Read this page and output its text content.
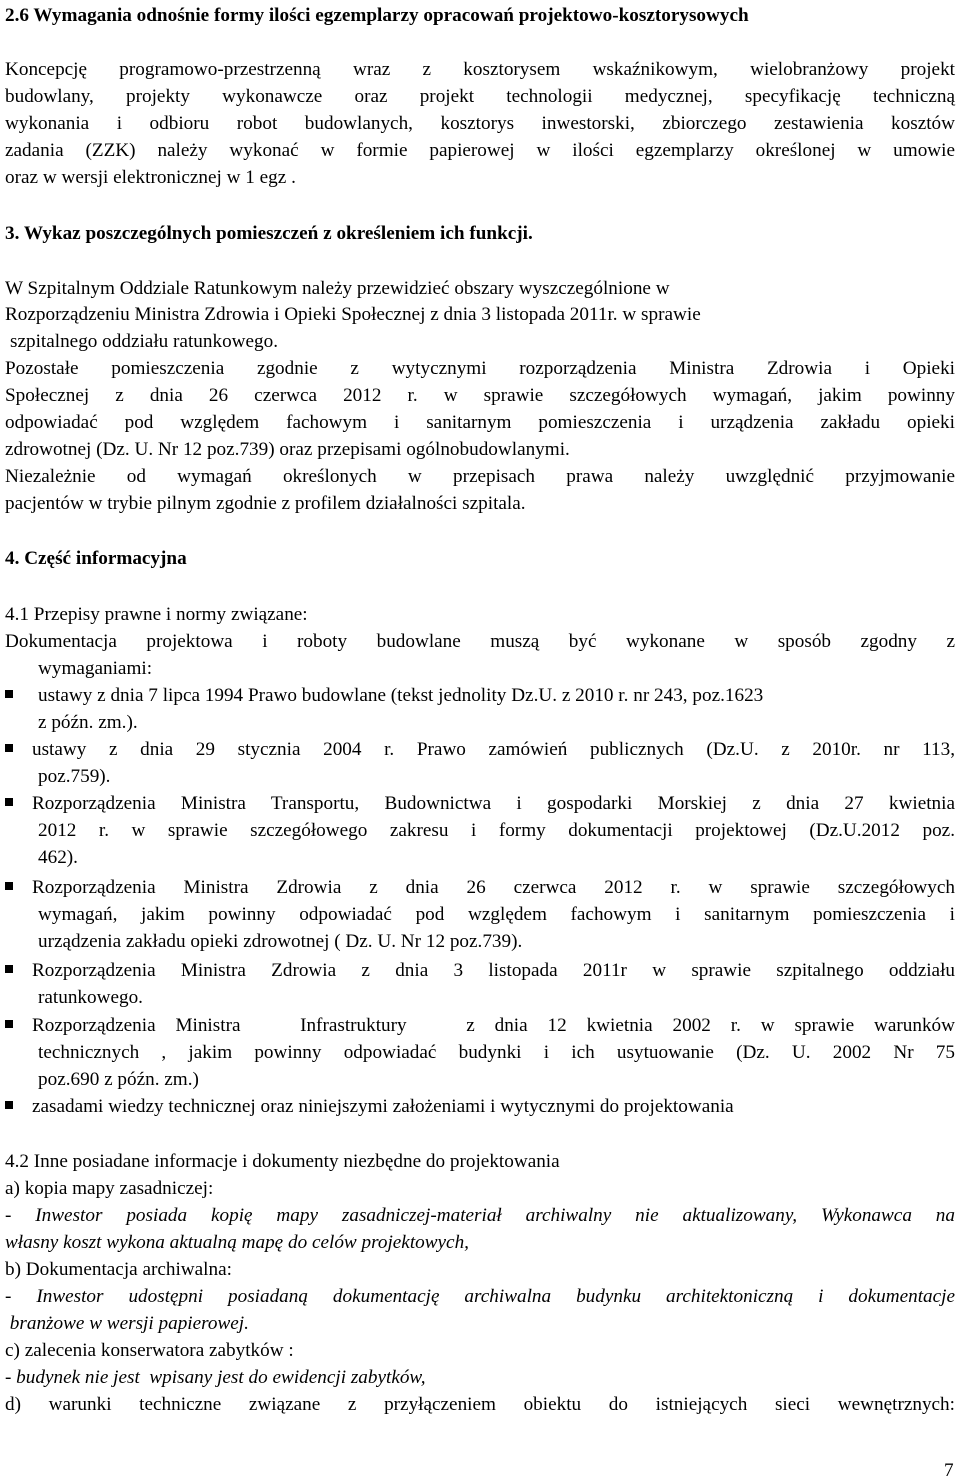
2.6 Wymagania odnośnie formy ilości egzemplarzy opracowań projektowo-kosztorysowych
Koncepcję programowo-przestrzenną wraz z kosztorysem wskaźnikowym, wielobranżowy projekt
budowlany, projekty wykonawcze oraz projekt technologii medycznej, specyfikację techniczną
wykonania i odbioru robot budowlanych, kosztorys inwestorski, zbiorczego zestawienia kosztów
zadania (ZZK) należy wykonać w formie papierowej w ilości egzemplarzy określonej w umowie
oraz w wersji elektronicznej w 1 egz .
3. Wykaz poszczególnych pomieszczeń z określeniem ich funkcji.
W Szpitalnym Oddziale Ratunkowym należy przewidzieć obszary wyszczególnione w
Rozporządzeniu Ministra Zdrowia i Opieki Społecznej z dnia 3 listopada 2011r. w sprawie
szpitalnego oddziału ratunkowego.
Pozostałe pomieszczenia zgodnie z wytycznymi rozporządzenia Ministra Zdrowia i Opieki
Społecznej z dnia 26 czerwca 2012 r. w sprawie szczegółowych wymagań, jakim powinny
odpowiadać pod względem fachowym i sanitarnym pomieszczenia i urządzenia zakładu opieki
zdrowotnej (Dz. U. Nr 12 poz.739) oraz przepisami ogólnobudowlanymi.
Niezależnie od wymagań określonych w przepisach prawa należy uwzględnić przyjmowanie
pacjentów w trybie pilnym zgodnie z profilem działalności szpitala.
4. Część informacyjna
4.1 Przepisy prawne i normy związane:
Dokumentacja projektowa i roboty budowlane muszą być wykonane w sposób zgodny z
wymaganiami:
ustawy z dnia 7 lipca 1994 Prawo budowlane (tekst jednolity Dz.U. z 2010 r. nr 243, poz.1623
z późn. zm.).
ustawy z dnia 29 stycznia 2004 r. Prawo zamówień publicznych (Dz.U. z 2010r. nr 113,
poz.759).
Rozporządzenia Ministra Transportu, Budownictwa i gospodarki Morskiej z dnia 27 kwietnia
2012 r. w sprawie szczegółowego zakresu i formy dokumentacji projektowej (Dz.U.2012 poz.
462).
Rozporządzenia Ministra Zdrowia z dnia 26 czerwca 2012 r. w sprawie szczegółowych
wymagań, jakim powinny odpowiadać pod względem fachowym i sanitarnym pomieszczenia i
urządzenia zakładu opieki zdrowotnej ( Dz. U. Nr 12 poz.739).
Rozporządzenia Ministra Zdrowia z dnia 3 listopada 2011r w sprawie szpitalnego oddziału
ratunkowego.
Rozporządzenia Ministra   Infrastruktury   z dnia 12 kwietnia 2002 r. w sprawie warunków
technicznych , jakim powinny odpowiadać budynki i ich usytuowanie (Dz. U. 2002 Nr 75
poz.690 z późn. zm.)
zasadami wiedzy technicznej oraz niniejszymi założeniami i wytycznymi do projektowania
4.2 Inne posiadane informacje i dokumenty niezbędne do projektowania
a) kopia mapy zasadniczej:
- Inwestor posiada kopię mapy zasadniczej-materiał archiwalny nie aktualizowany, Wykonawca na
własny koszt wykona aktualną mapę do celów projektowych,
b) Dokumentacja archiwalna:
- Inwestor udostępni posiadaną dokumentację archiwalna budynku architektoniczną i dokumentacje
branżowe w wersji papierowej.
c) zalecenia konserwatora zabytków :
- budynek nie jest  wpisany jest do ewidencji zabytków,
d) warunki techniczne związane z przyłączeniem obiektu do istniejących sieci wewnętrznych:
7
